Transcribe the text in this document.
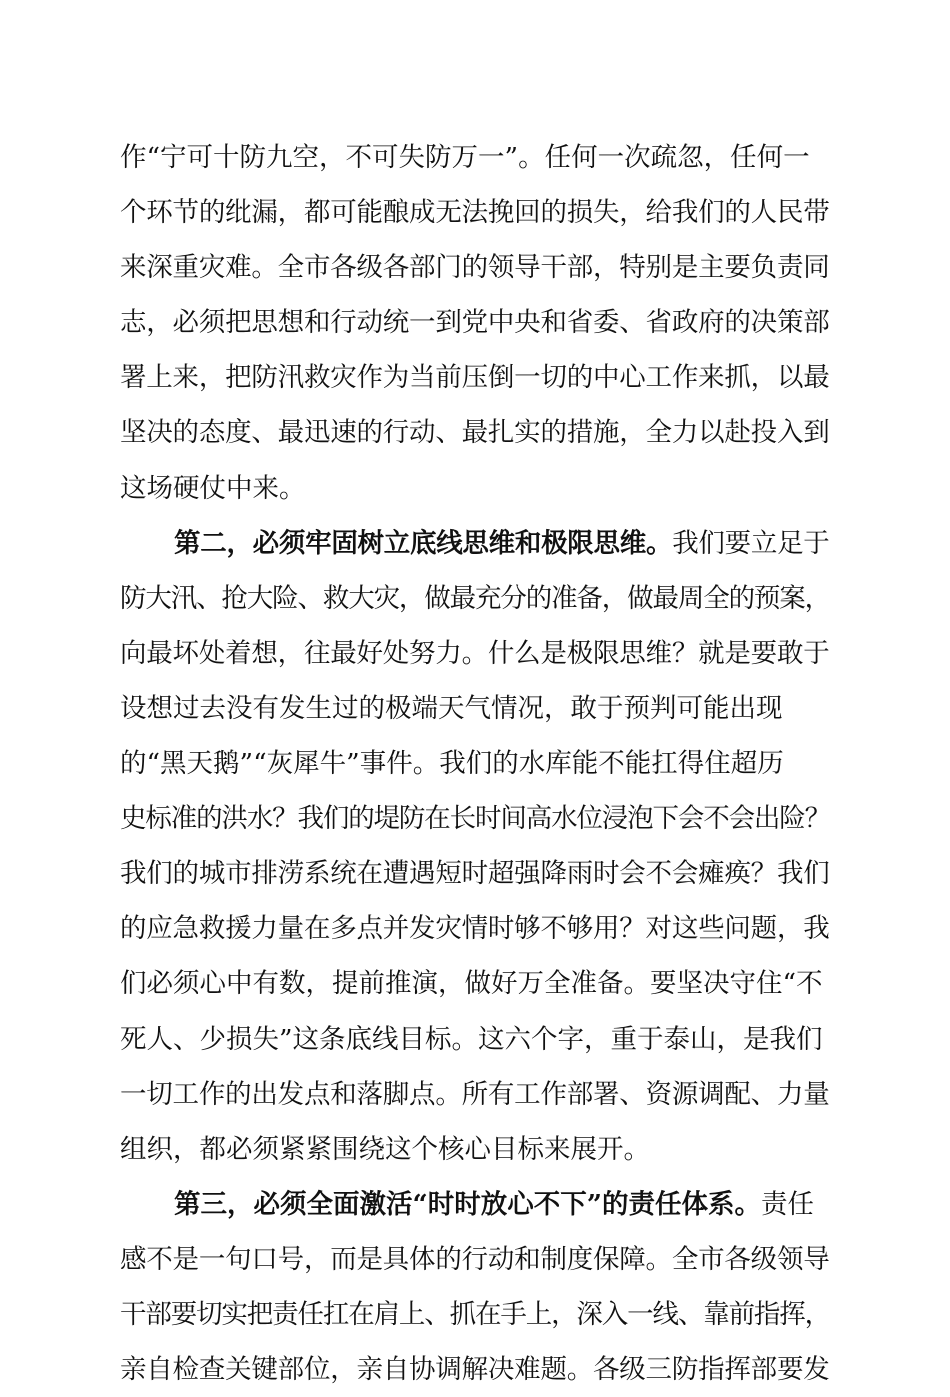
作“宁可十防九空，不可失防万一”。任何一次疏忽，任何一
个环节的纰漏，都可能酿成无法挽回的损失，给我们的人民带
来深重灾难。全市各级各部门的领导干部，特别是主要负责同
志，必须把思想和行动统一到党中央和省委、省政府的决策部
署上来，把防汛救灾作为当前压倒一切的中心工作来抓，以最
坚决的态度、最迅速的行动、最扎实的措施，全力以赴投入到
这场硬仗中来。
第二，必须牢固树立底线思维和极限思维。我们要立足于
防大汛、抢大险、救大灾，做最充分的准备，做最周全的预案，
向最坏处着想，往最好处努力。什么是极限思维？就是要敢于
设想过去没有发生过的极端天气情况，敢于预判可能出现
的“黑天鹅”“灰犀牛”事件。我们的水库能不能扛得住超历
史标准的洪水？我们的堤防在长时间高水位浸泡下会不会出险？
我们的城市排涝系统在遭遇短时超强降雨时会不会瘫痪？我们
的应急救援力量在多点并发灾情时够不够用？对这些问题，我
们必须心中有数，提前推演，做好万全准备。要坚决守住“不
死人、少损失”这条底线目标。这六个字，重于泰山，是我们
一切工作的出发点和落脚点。所有工作部署、资源调配、力量
组织，都必须紧紧围绕这个核心目标来展开。
第三，必须全面激活“时时放心不下”的责任体系。责任
感不是一句口号，而是具体的行动和制度保障。全市各级领导
干部要切实把责任扛在肩上、抓在手上，深入一线、靠前指挥，
亲自检查关键部位，亲自协调解决难题。各级三防指挥部要发
